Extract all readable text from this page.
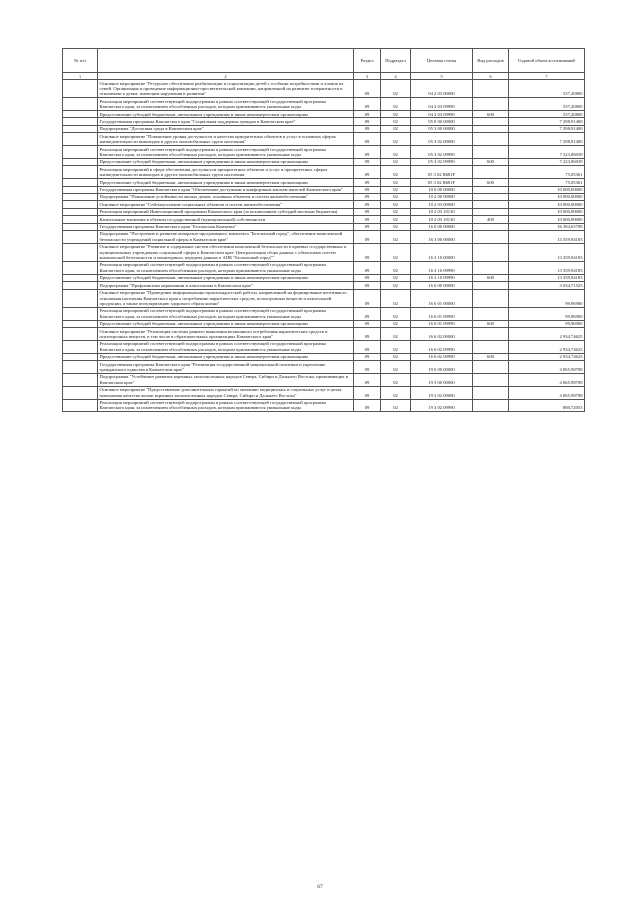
№ п/п		Раздел	Подраздел	Целевая статья	Вид расходов	Годовой объем ассигнований
1	2	3	4	5	6	7
	Основное мероприятие "Ресурсное обеспечение реабилитации и социализации детей с особыми потребностями и членов их семей. Организация и проведение информационно-просветительской кампании, направленной на развитие толерантности в отношении к детям, имеющим нарушения в развитии"	09	02	04 2 03 00000		537,20800
	Реализация мероприятий соответствующей подпрограммы в рамках соответствующей государственной программы Камчатского края, за исключением обособленных расходов, которым присваиваются уникальные коды	09	02	04 2 03 09990		537,20800
	Предоставление субсидий бюджетным, автономным учреждениям и иным некоммерческим организациям	09	02	04 2 03 09990	600	537,20800
	Государственная программа Камчатского края "Социальная поддержка граждан в Камчатском крае"	09	02	05 0 00 00000		7 298,91400
	Подпрограмма "Доступная среда в Камчатском крае"	09	02	05 3 00 00000		7 298,91400
	Основное мероприятие "Повышение уровня доступности и качества приоритетных объектов и услуг в основных сферах жизнедеятельности инвалидов и других маломобильных групп населения"	09	02	05 3 02 00000		7 298,91400
	Реализация мероприятий соответствующей подпрограммы в рамках соответствующей государственной программы Камчатского края, за исключением обособленных расходов, которым присваиваются уникальные коды	09	02	05 3 02 09990		7 223,86039
	Предоставление субсидий бюджетным, автономным учреждениям и иным некоммерческим организациям	09	02	05 3 02 09990	600	7 223,86039
	Реализация мероприятий в сфере обеспечения доступности приоритетных объектов и услуг в приоритетных сферах жизнедеятельности инвалидов и других маломобильных групп населения	09	02	05 3 02 R681F		75,05361
	Предоставление субсидий бюджетным, автономным учреждениям и иным некоммерческим организациям	09	02	05 3 02 R681F	600	75,05361
	Государственная программа Камчатского края "Обеспечение доступным и комфортным жильем жителей Камчатского края"	09	02	10 0 00 00000		10 000,00000
	Подпрограмма "Повышение устойчивости жилых домов, основных объектов и систем жизнеобеспечения"	09	02	10 2 00 00000		10 000,00000
	Основное мероприятие "Сейсмоусиление социальных объектов и систем жизнеобеспечения"	09	02	10 2 03 00000		10 000,00000
	Реализация мероприятий Инвестиционной программы Камчатского края (за исключением субсидий местным бюджетам)	09	02	10 2 03 10130		10 000,00000
	Капитальные вложения в объекты государственной (муниципальной) собственности	09	02	10 2 03 10130	400	10 000,00000
	Государственная программа Камчатского края "Безопасная Камчатка"	09	02	16 0 00 00000		16 394,65708
	Подпрограмма "Построение и развитие аппаратно-программного комплекса "Безопасный город", обеспечение комплексной безопасности учреждений социальной сферы в Камчатском крае"	09	02	16 3 00 00000		13 359,94183
	Основное мероприятие "Развитие и содержание систем обеспечения комплексной безопасности в краевых государственных и муниципальных учреждениях социальной сферы в Камчатском крае. Централизация сбора данных с объектовых систем комплексной безопасности и мониторинга, передача данных в АПК "Безопасный город""	09	02	16 3 10 00000		13 359,94183
	Реализация мероприятий соответствующей подпрограммы в рамках соответствующей государственной программы Камчатского края, за исключением обособленных расходов, которым присваиваются уникальные коды	09	02	16 3 10 09990		13 359,94183
	Предоставление субсидий бюджетным, автономным учреждениям и иным некоммерческим организациям	09	02	16 3 10 09990	600	13 359,94183
	Подпрограмма "Профилактика наркомании и алкоголизма в Камчатском крае"	09	02	16 6 00 00000		3 034,71525
	Основное мероприятие "Проведение информационно-пропагандистской работы, направленной на формирование негативного отношения населения Камчатского края к потреблению наркотических средств, психотропных веществ и алкогольной продукции, а также популяризацию здорового образа жизни"	09	02	16 6 01 00000		99,96900
	Реализация мероприятий соответствующей подпрограммы в рамках соответствующей государственной программы Камчатского края, за исключением обособленных расходов, которым присваиваются уникальные коды	09	02	16 6 01 09990		99,96900
	Предоставление субсидий бюджетным, автономным учреждениям и иным некоммерческим организациям	09	02	16 6 01 09990	600	99,96900
	Основное мероприятие "Реализация системы раннего выявления незаконного потребления наркотических средств и психотропных веществ, в том числе в образовательных организациях Камчатского края"	09	02	16 6 02 00000		2 934,74625
	Реализация мероприятий соответствующей подпрограммы в рамках соответствующей государственной программы Камчатского края, за исключением обособленных расходов, которым присваиваются уникальные коды	09	02	16 6 02 09990		2 934,74625
	Предоставление субсидий бюджетным, автономным учреждениям и иным некоммерческим организациям	09	02	16 6 02 09990	600	2 934,74625
	Государственная программа Камчатского края "Реализация государственной национальной политики и укрепление гражданского единства в Камчатском крае"	09	02	19 0 00 00000		4 065,98708
	Подпрограмма "Устойчивое развитие коренных малочисленных народов Севера, Сибири и Дальнего Востока, проживающих в Камчатском крае"	09	02	19 3 00 00000		4 065,98708
	Основное мероприятие "Предоставление дополнительных гарантий по оказанию медицинских и социальных услуг в целях повышения качества жизни коренных малочисленных народов Севера, Сибири и Дальнего Востока"	09	02	19 3 02 00000		4 065,98708
	Реализация мероприятий соответствующей подпрограммы в рамках соответствующей государственной программы Камчатского края, за исключением обособленных расходов, которым присваиваются уникальные коды	09	02	19 3 02 09990		880,72053
67
